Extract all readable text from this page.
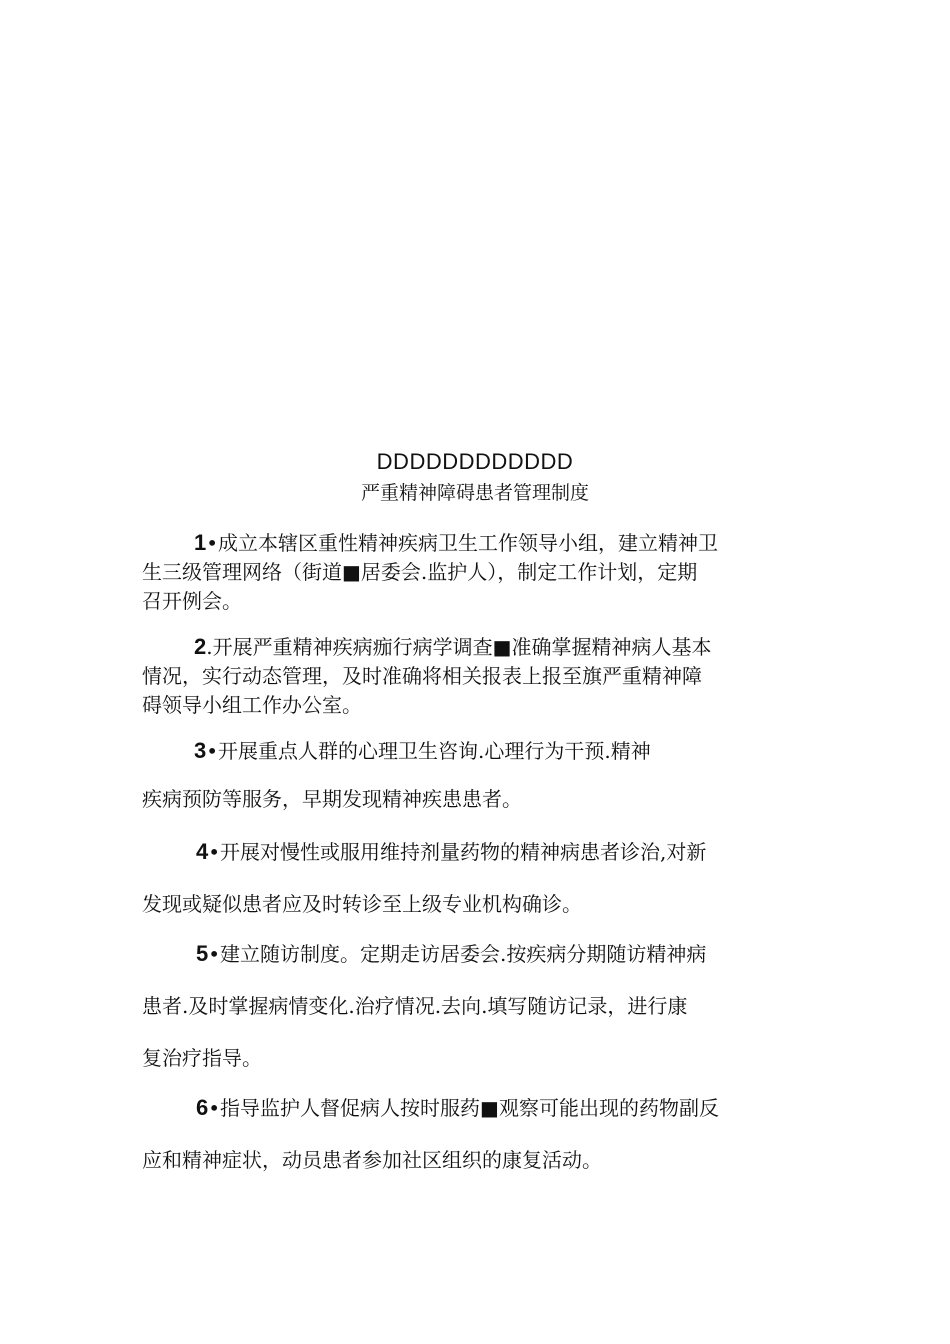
DDDDDDDDDDDD
严重精神障碍患者管理制度
1•成立本辖区重性精神疾病卫生工作领导小组，建立精神卫
生三级管理网络（街道■居委会.监护人），制定工作计划，定期
召开例会。
2.开展严重精神疾病痂行病学调查■准确掌握精神病人基本
情况，实行动态管理，及时准确将相关报表上报至旗严重精神障
碍领导小组工作办公室。
3•开展重点人群的心理卫生咨询.心理行为干预.精神
疾病预防等服务，早期发现精神疾患患者。
4•开展对慢性或服用维持剂量药物的精神病患者诊治,对新
发现或疑似患者应及时转诊至上级专业机构确诊。
5•建立随访制度。定期走访居委会.按疾病分期随访精神病
患者.及时掌握病情变化.治疗情况.去向.填写随访记录，进行康
复治疗指导。
6•指导监护人督促病人按时服药■观察可能出现的药物副反
应和精神症状，动员患者参加社区组织的康复活动。
